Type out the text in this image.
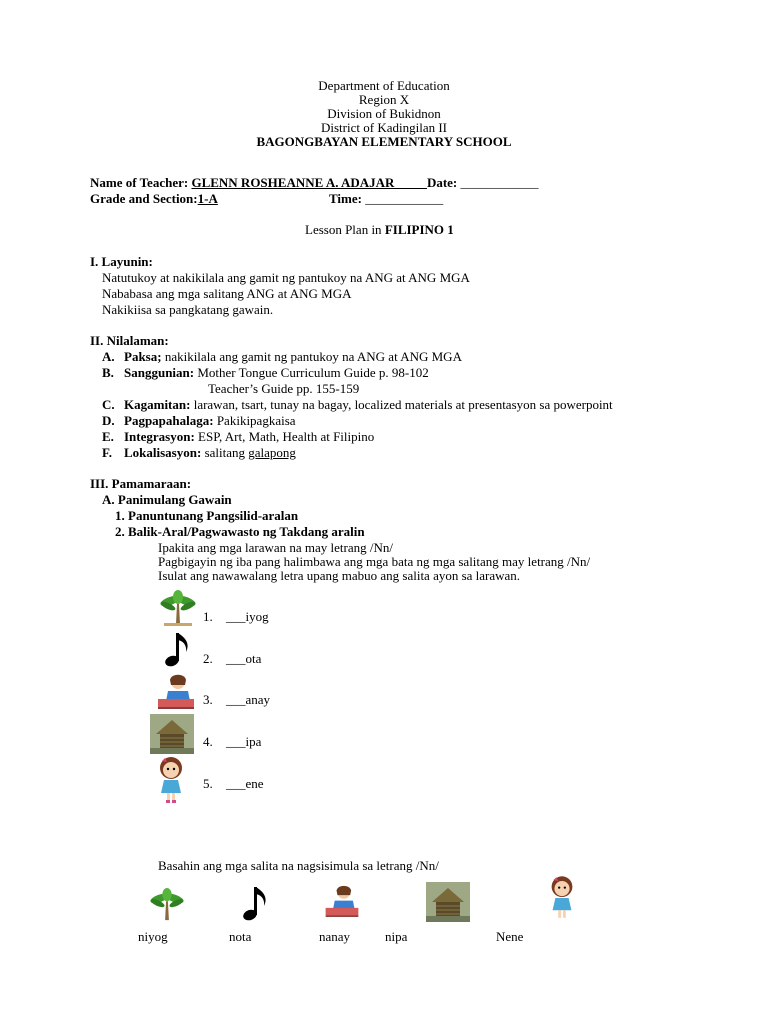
Department of Education
Region X
Division of Bukidnon
District of Kadingilan II
BAGONGBAYAN ELEMENTARY SCHOOL
Name of Teacher: GLENN ROSHEANNE A. ADAJAR_____Date: ____________
Grade and Section:1-A	Time: ____________
Lesson Plan in FILIPINO 1
I. Layunin:
Natutukoy at nakikilala ang gamit ng pantukoy na ANG at ANG MGA
Nababasa ang mga salitang ANG at ANG MGA
Nakikiisa sa pangkatang gawain.
II. Nilalaman:
A. Paksa; nakikilala ang gamit ng pantukoy na ANG at ANG MGA
B. Sanggunian: Mother Tongue Curriculum Guide p. 98-102
Teacher’s Guide pp. 155-159
C. Kagamitan: larawan, tsart, tunay na bagay, localized materials at presentasyon sa powerpoint
D. Pagpapahalaga: Pakikipagkaisa
E. Integrasyon: ESP, Art, Math, Health at Filipino
F. Lokalisasyon: salitang galapong
III. Pamamaraan:
A. Panimulang Gawain
1. Panuntunang Pangsilid-aralan
2. Balik-Aral/Pagwawasto ng Takdang aralin
Ipakita ang mga larawan na may letrang /Nn/
Pagbigayin ng iba pang halimbawa ang mga bata ng mga salitang may letrang /Nn/
Isulat ang nawawalang letra upang mabuo ang salita ayon sa larawan.
1. ___iyog
2. ___ota
3. ___anay
4. ___ipa
5. ___ene
Basahin ang mga salita na nagsisimula sa letrang /Nn/
niyog	nota	nanay	nipa	Nene
